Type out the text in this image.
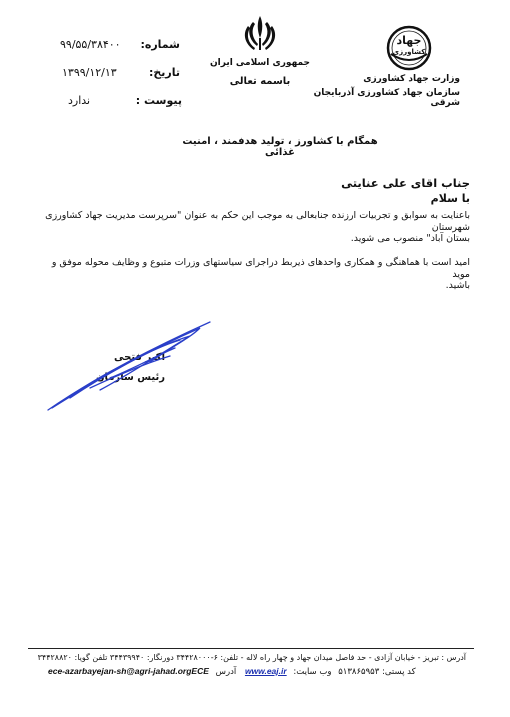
شماره:
۹۹/۵۵/۳۸۴۰۰
تاریخ:
۱۳۹۹/۱۲/۱۳
پیوست :
ندارد
جمهوری اسلامی ایران
باسمه تعالی
جهاد
کشاورزی
وزارت جهاد کشاورزی
سازمان جهاد کشاورزی آذربایجان شرقی
همگام با کشاورز ، تولید هدفمند ، امنیت غذائی
جناب اقای علی عنایتی
با سلام
باعنایت به سوابق و تجربیات ارزنده جنابعالی به موجب این حکم به عنوان "سرپرست مدیریت جهاد کشاورزی شهرستان
بستان آباد" منصوب می شوید.
امید است با هماهنگی و همکاری واحدهای ذیربط دراجرای سیاستهای وزرات متبوع و وظایف محوله موفق و موید
باشید.
اکبر فتحی
رئیس سازمان
آدرس : تبریز - خیابان آزادی - حد فاصل میدان جهاد و چهار راه لاله - تلفن: ۶-۳۴۴۲۸۰۰۰ دورنگار: ۳۴۴۳۹۹۴۰ تلفن گویا: ۳۴۴۲۸۸۲۰
ece-azarbayejan-sh@agri-jahad.orgECE آدرس www.eaj.ir وب سایت: کد پستی: ۵۱۳۸۶۵۹۵۳
